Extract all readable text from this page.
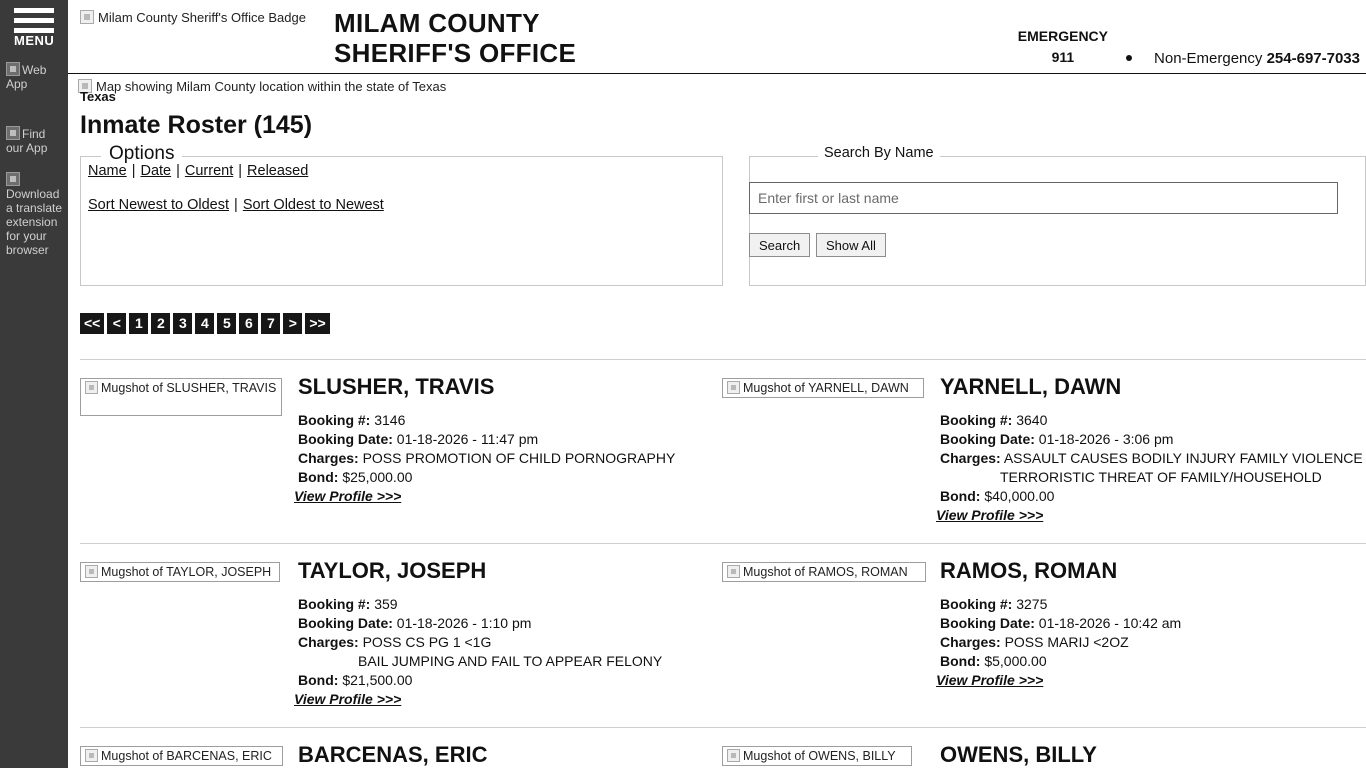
MENU
Web App
Find our App
Download a translate extension for your browser
Milam County Sheriff's Office Badge MILAM COUNTY
SHERIFF'S OFFICE
EMERGENCY
911	Non-Emergency 254-697-7033
Map showing Milam County location within the state of Texas
Texas
Inmate Roster (145)
Options
Name | Date | Current | Released
Sort Newest to Oldest | Sort Oldest to Newest
Search By Name
Enter first or last name
Search	Show All
<< <	1	2	3	4	5	6	7	> >>
Mugshot of SLUSHER, TRAVIS SLUSHER, TRAVIS
Booking #: 3146
Booking Date: 01-18-2026 - 11:47 pm
Charges: POSS PROMOTION OF CHILD PORNOGRAPHY
Bond: $25,000.00
View Profile >>>
Mugshot of YARNELL, DAWN	YARNELL, DAWN
Booking #: 3640
Booking Date: 01-18-2026 - 3:06 pm
Charges: ASSAULT CAUSES BODILY INJURY FAMILY VIOLENCE
TERRORISTIC THREAT OF FAMILY/HOUSEHOLD
Bond: $40,000.00
View Profile >>>
Mugshot of TAYLOR, JOSEPH	TAYLOR, JOSEPH
Booking #: 359
Booking Date: 01-18-2026 - 1:10 pm
Charges: POSS CS PG 1 <1G
BAIL JUMPING AND FAIL TO APPEAR FELONY
Bond: $21,500.00
View Profile >>>
Mugshot of RAMOS, ROMAN	RAMOS, ROMAN
Booking #: 3275
Booking Date: 01-18-2026 - 10:42 am
Charges: POSS MARIJ <2OZ
Bond: $5,000.00
View Profile >>>
Mugshot of BARCENAS, ERIC	BARCENAS, ERIC	Mugshot of OWENS, BILLY	OWENS, BILLY
